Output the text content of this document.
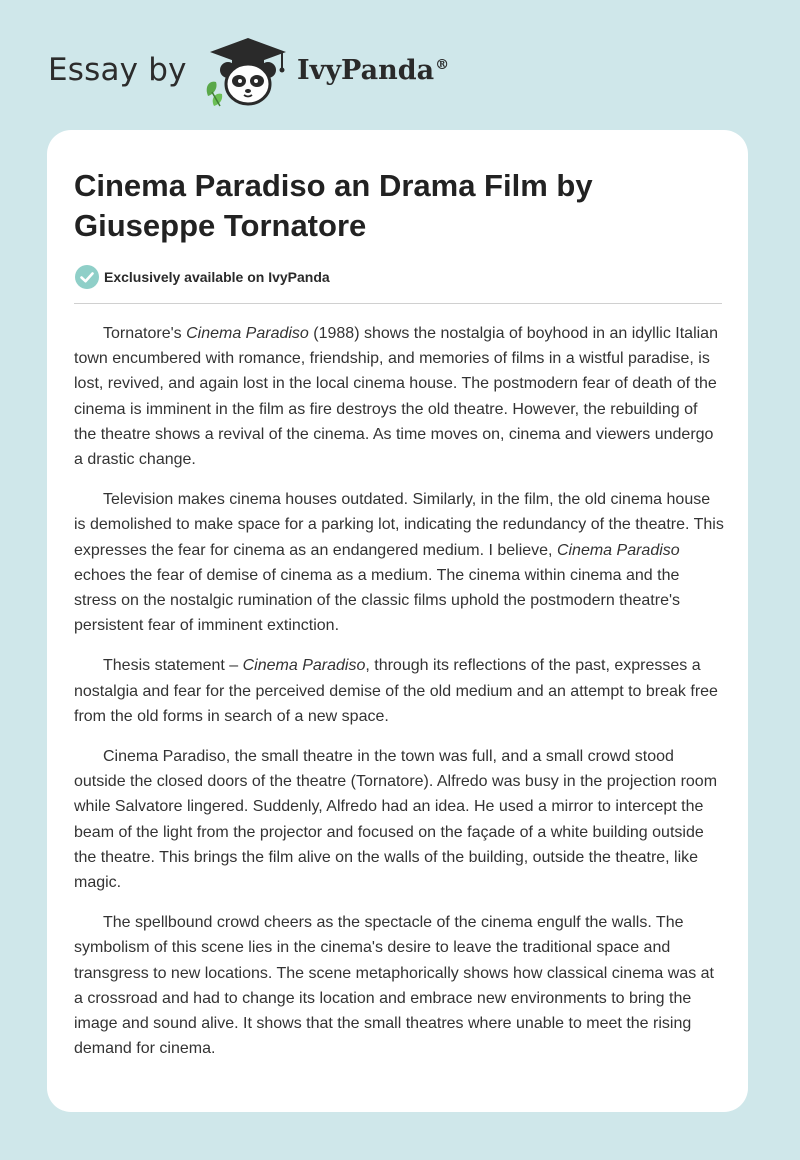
Essay by	IvyPanda®
Cinema Paradiso an Drama Film by Giuseppe Tornatore
Exclusively available on IvyPanda

Tornatore's Cinema Paradiso (1988) shows the nostalgia of boyhood in an idyllic Italian town encumbered with romance, friendship, and memories of films in a wistful paradise, is lost, revived, and again lost in the local cinema house. The postmodern fear of death of the cinema is imminent in the film as fire destroys the old theatre. However, the rebuilding of the theatre shows a revival of the cinema. As time moves on, cinema and viewers undergo a drastic change.

Television makes cinema houses outdated. Similarly, in the film, the old cinema house is demolished to make space for a parking lot, indicating the redundancy of the theatre. This expresses the fear for cinema as an endangered medium. I believe, Cinema Paradiso echoes the fear of demise of cinema as a medium. The cinema within cinema and the stress on the nostalgic rumination of the classic films uphold the postmodern theatre's persistent fear of imminent extinction.

Thesis statement – Cinema Paradiso, through its reflections of the past, expresses a nostalgia and fear for the perceived demise of the old medium and an attempt to break free from the old forms in search of a new space.

Cinema Paradiso, the small theatre in the town was full, and a small crowd stood outside the closed doors of the theatre (Tornatore). Alfredo was busy in the projection room while Salvatore lingered. Suddenly, Alfredo had an idea. He used a mirror to intercept the beam of the light from the projector and focused on the façade of a white building outside the theatre. This brings the film alive on the walls of the building, outside the theatre, like magic.

The spellbound crowd cheers as the spectacle of the cinema engulf the walls. The symbolism of this scene lies in the cinema's desire to leave the traditional space and transgress to new locations. The scene metaphorically shows how classical cinema was at a crossroad and had to change its location and embrace new environments to bring the image and sound alive. It shows that the small theatres where unable to meet the rising demand for cinema.
